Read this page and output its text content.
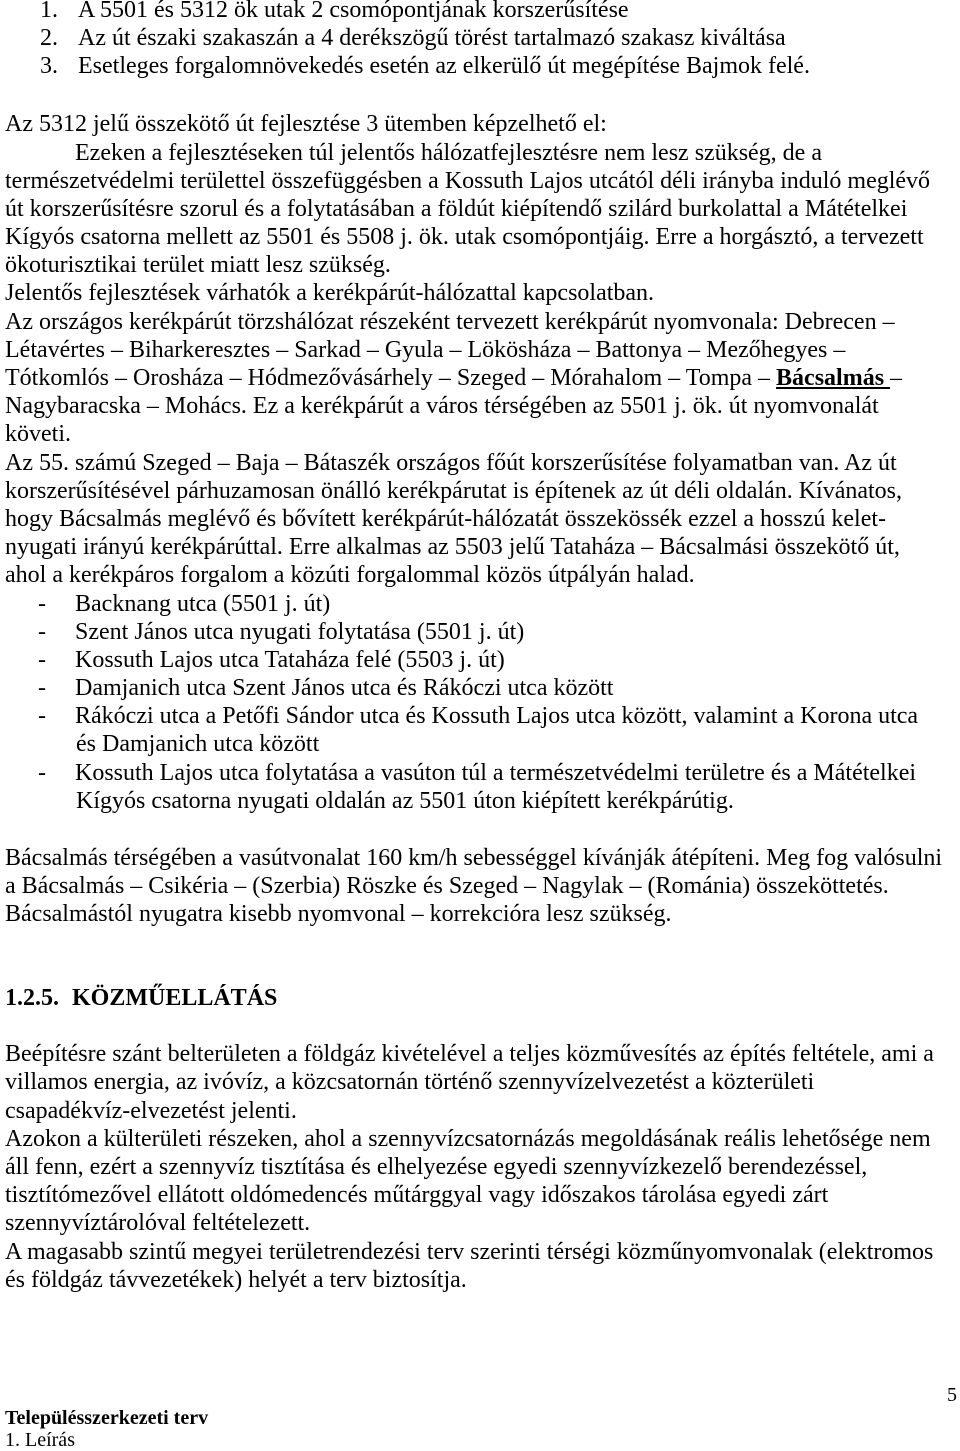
1. A 5501 és 5312 ök utak 2 csomópontjának korszerűsítése
2. Az út északi szakaszán a 4 derékszögű törést tartalmazó szakasz kiváltása
3. Esetleges forgalomnövekedés esetén az elkerülő út megépítése Bajmok felé.
Az 5312 jelű összekötő út fejlesztése 3 ütemben képzelhető el:
Ezeken a fejlesztéseken túl jelentős hálózatfejlesztésre nem lesz szükség, de a
természetvédelmi területtel összefüggésben a Kossuth Lajos utcától déli irányba induló meglévő
út korszerűsítésre szorul és a folytatásában a földút kiépítendő szilárd burkolattal a Mátételkei
Kígyós csatorna mellett az 5501 és 5508 j. ök. utak csomópontjáig. Erre a horgásztó, a tervezett
ökoturisztikai terület miatt lesz szükség.
Jelentős fejlesztések várhatók a kerékpárút-hálózattal kapcsolatban.
Az országos kerékpárút törzshálózat részeként tervezett kerékpárút nyomvonala: Debrecen –
Létavértes – Biharkeresztes – Sarkad – Gyula – Lökösháza – Battonya – Mezőhegyes –
Tótkomlós – Orosháza – Hódmezővásárhely – Szeged – Mórahalom – Tompa – Bácsalmás –
Nagybaracska – Mohács. Ez a kerékpárút a város térségében az 5501 j. ök. út nyomvonalát
követi.
Az 55. számú Szeged – Baja – Bátaszék országos főút korszerűsítése folyamatban van. Az út
korszerűsítésével párhuzamosan önálló kerékpárutat is építenek az út déli oldalán. Kívánatos,
hogy Bácsalmás meglévő és bővített kerékpárút-hálózatát összekössék ezzel a hosszú kelet-
nyugati irányú kerékpárúttal. Erre alkalmas az 5503 jelű Tataháza – Bácsalmási összekötő út,
ahol a kerékpáros forgalom a közúti forgalommal közös útpályán halad.
- Backnang utca (5501 j. út)
- Szent János utca nyugati folytatása (5501 j. út)
- Kossuth Lajos utca Tataháza felé (5503 j. út)
- Damjanich utca Szent János utca és Rákóczi utca között
- Rákóczi utca a Petőfi Sándor utca és Kossuth Lajos utca között, valamint a Korona utca
és Damjanich utca között
- Kossuth Lajos utca folytatása a vasúton túl a természetvédelmi területre és a Mátételkei
Kígyós csatorna nyugati oldalán az 5501 úton kiépített kerékpárútig.
Bácsalmás térségében a vasútvonalat 160 km/h sebességgel kívánják átépíteni. Meg fog valósulni
a Bácsalmás – Csikéria – (Szerbia) Röszke és Szeged – Nagylak – (Románia) összeköttetés.
Bácsalmástól nyugatra kisebb nyomvonal – korrekcióra lesz szükség.
1.2.5. KÖZMŰELLÁTÁS
Beépítésre szánt belterületen a földgáz kivételével a teljes közművesítés az építés feltétele, ami a
villamos energia, az ivóvíz, a közcsatornán történő szennyvízelvezetést a közterületi
csapadékvíz-elvezetést jelenti.
Azokon a külterületi részeken, ahol a szennyvízcsatornázás megoldásának reális lehetősége nem
áll fenn, ezért a szennyvíz tisztítása és elhelyezése egyedi szennyvízkezelő berendezéssel,
tisztítómezővel ellátott oldómedencés műtárggyal vagy időszakos tárolása egyedi zárt
szennyvíztárolóval feltételezett.
A magasabb szintű megyei területrendezési terv szerinti térségi közműnyomvonalak (elektromos
és földgáz távvezetékek) helyét a terv biztosítja.
5
Településszerkezeti terv
1. Leírás
